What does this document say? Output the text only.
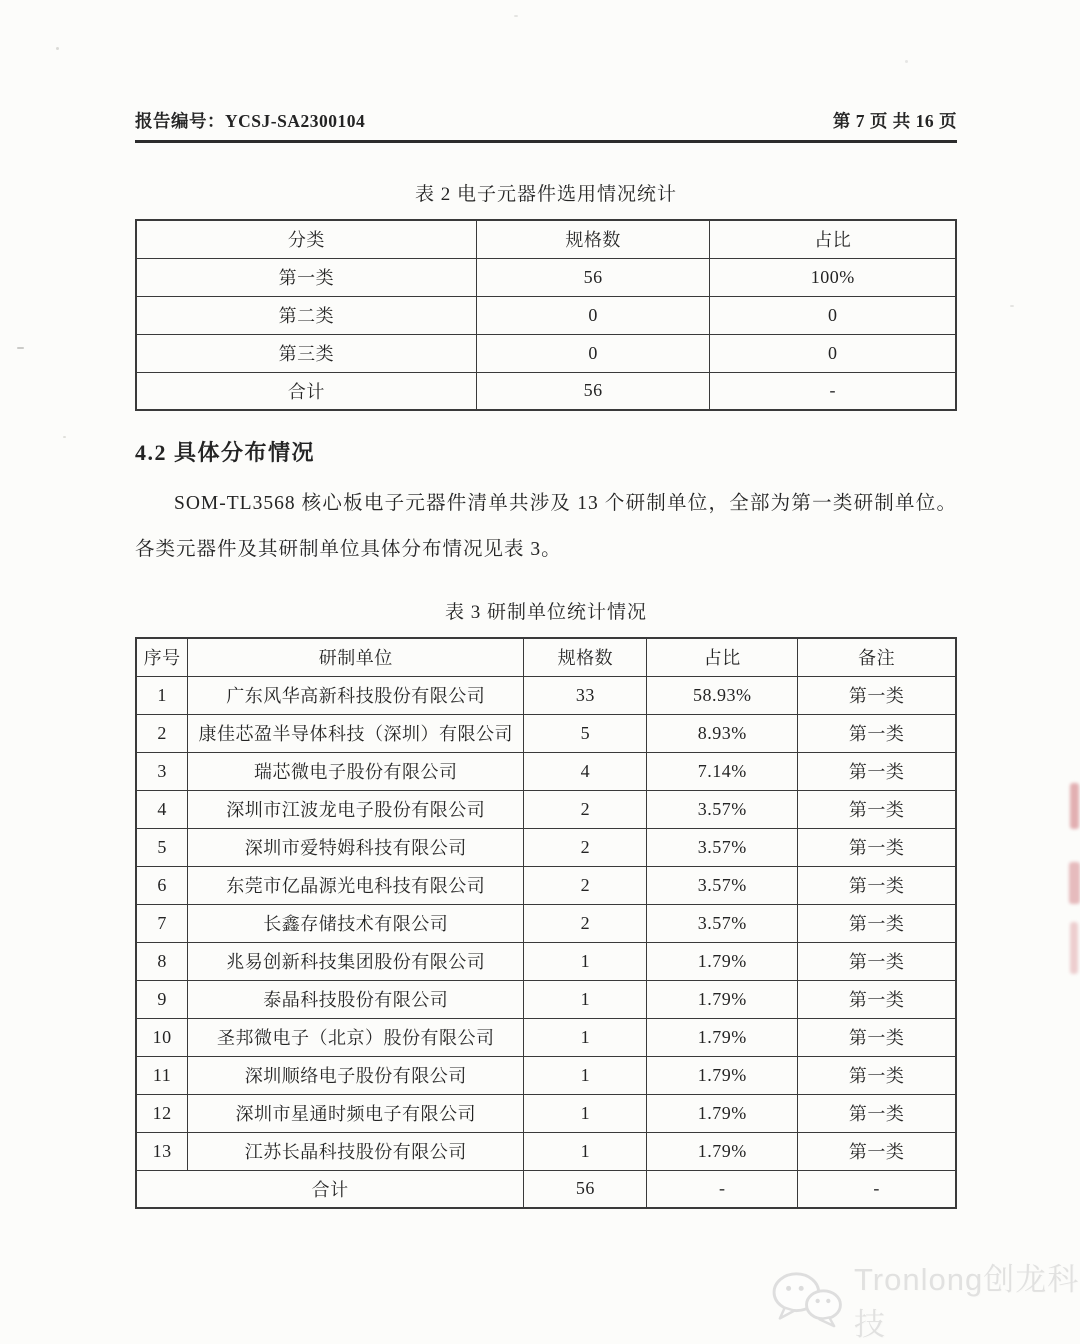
报告编号：YCSJ-SA2300104	第 7 页 共 16 页
表 2 电子元器件选用情况统计
分类	规格数	占比
第一类	56	100%
第二类	0	0
第三类	0	0
合计	56	-
4.2 具体分布情况

SOM-TL3568 核心板电子元器件清单共涉及 13 个研制单位，全部为第一类研制单位。各类元器件及其研制单位具体分布情况见表 3。

表 3 研制单位统计情况
序号	研制单位	规格数	占比	备注
1	广东风华高新科技股份有限公司	33	58.93%	第一类
2	康佳芯盈半导体科技（深圳）有限公司	5	8.93%	第一类
3	瑞芯微电子股份有限公司	4	7.14%	第一类
4	深圳市江波龙电子股份有限公司	2	3.57%	第一类
5	深圳市爱特姆科技有限公司	2	3.57%	第一类
6	东莞市亿晶源光电科技有限公司	2	3.57%	第一类
7	长鑫存储技术有限公司	2	3.57%	第一类
8	兆易创新科技集团股份有限公司	1	1.79%	第一类
9	泰晶科技股份有限公司	1	1.79%	第一类
10	圣邦微电子（北京）股份有限公司	1	1.79%	第一类
11	深圳顺络电子股份有限公司	1	1.79%	第一类
12	深圳市星通时频电子有限公司	1	1.79%	第一类
13	江苏长晶科技股份有限公司	1	1.79%	第一类
合计		56	-	-
Tronlong创龙科技
